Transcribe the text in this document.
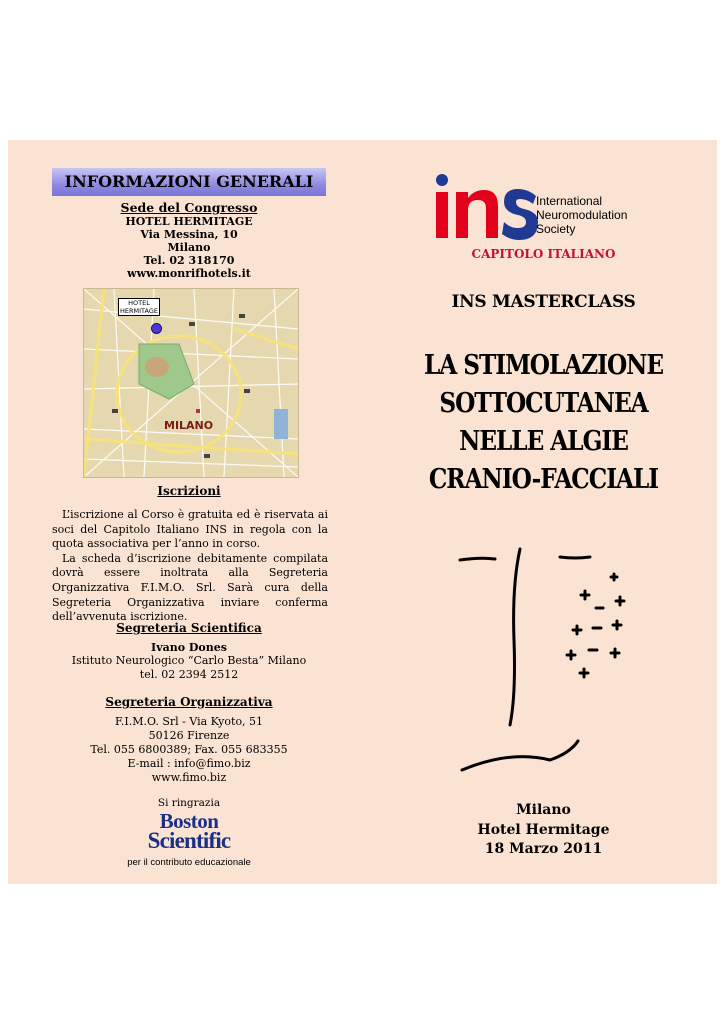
INFORMAZIONI GENERALI
Sede del Congresso
HOTEL HERMITAGE
Via Messina, 10
Milano
Tel. 02 318170
www.monrifhotels.it
HOTEL
HERMITAGE
MILANO
Iscrizioni

L’iscrizione al Corso è gratuita ed è riservata ai soci del Capitolo Italiano INS in regola con la quota associativa per l’anno in corso.

La scheda d’iscrizione debitamente compilata dovrà essere inoltrata alla Segreteria Organizzativa F.I.M.O. Srl. Sarà cura della Segreteria Organizzativa inviare conferma dell’avvenuta iscrizione.

Segreteria Scientifica
Ivano Dones
Istituto Neurologico “Carlo Besta” Milano
tel. 02 2394 2512
Segreteria Organizzativa
F.I.M.O. Srl - Via Kyoto, 51
50126 Firenze
Tel. 055 6800389; Fax. 055 683355
E-mail : info@fimo.biz
www.fimo.biz
Si ringrazia
Boston
Scientific
per il contributo educazionale
International
Neuromodulation
Society
CAPITOLO ITALIANO
INS MASTERCLASS
LA STIMOLAZIONE
SOTTOCUTANEA
NELLE ALGIE
CRANIO-FACCIALI
Milano
Hotel Hermitage
18 Marzo 2011
